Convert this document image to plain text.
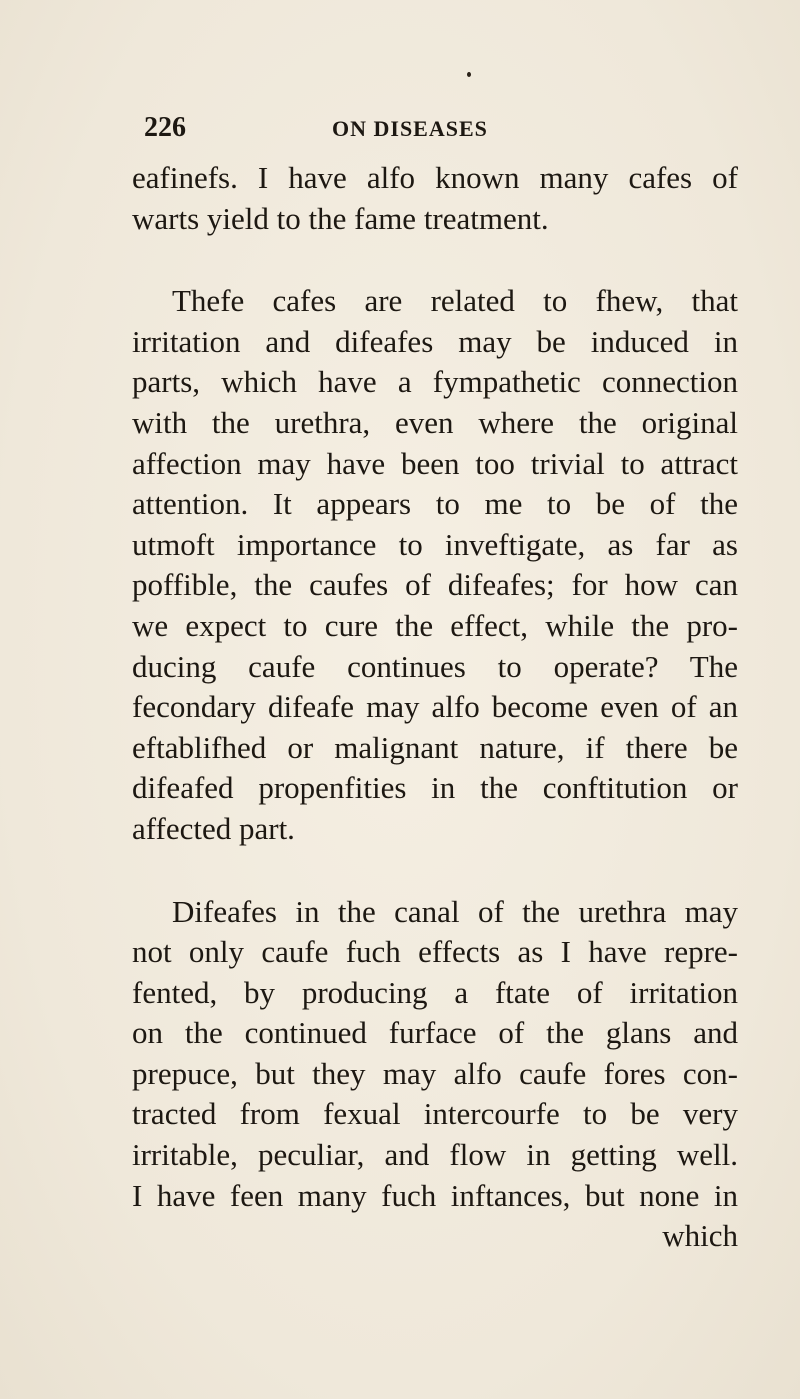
226	ON DISEASES
eafinefs. I have alfo known many cafes of
warts yield to the fame treatment.
Thefe cafes are related to fhew, that
irritation and difeafes may be induced in
parts, which have a fympathetic connection
with the urethra, even where the original
affection may have been too trivial to attract
attention. It appears to me to be of the
utmoft importance to inveftigate, as far as
poffible, the caufes of difeafes; for how can
we expect to cure the effect, while the pro-
ducing caufe continues to operate? The
fecondary difeafe may alfo become even of an
eftablifhed or malignant nature, if there be
difeafed propenfities in the conftitution or
affected part.
Difeafes in the canal of the urethra may
not only caufe fuch effects as I have repre-
fented, by producing a ftate of irritation
on the continued furface of the glans and
prepuce, but they may alfo caufe fores con-
tracted from fexual intercourfe to be very
irritable, peculiar, and flow in getting well.
I have feen many fuch inftances, but none in
which
